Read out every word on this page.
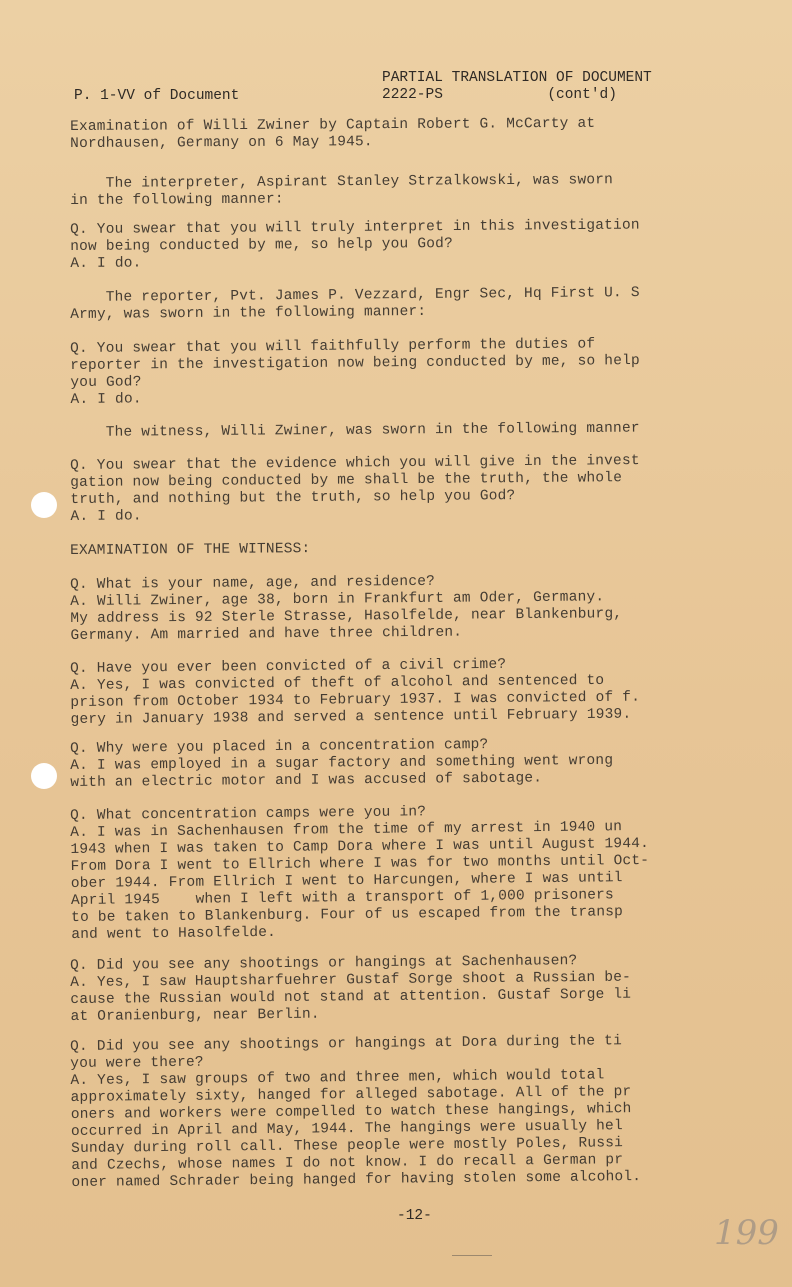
P. 1-VV of Document
PARTIAL TRANSLATION OF DOCUMENT
2222-PS            (cont'd)
Examination of Willi Zwiner by Captain Robert G. McCarty at
Nordhausen, Germany on 6 May 1945.
The interpreter, Aspirant Stanley Strzalkowski, was sworn
in the following manner:
Q. You swear that you will truly interpret in this investigation
now being conducted by me, so help you God?
A. I do.
The reporter, Pvt. James P. Vezzard, Engr Sec, Hq First U. S
Army, was sworn in the following manner:
Q. You swear that you will faithfully perform the duties of
reporter in the investigation now being conducted by me, so help
you God?
A. I do.
The witness, Willi Zwiner, was sworn in the following manner
Q. You swear that the evidence which you will give in the invest
gation now being conducted by me shall be the truth, the whole
truth, and nothing but the truth, so help you God?
A. I do.
EXAMINATION OF THE WITNESS:
Q. What is your name, age, and residence?
A. Willi Zwiner, age 38, born in Frankfurt am Oder, Germany.
My address is 92 Sterle Strasse, Hasolfelde, near Blankenburg,
Germany. Am married and have three children.
Q. Have you ever been convicted of a civil crime?
A. Yes, I was convicted of theft of alcohol and sentenced to
prison from October 1934 to February 1937. I was convicted of f.
gery in January 1938 and served a sentence until February 1939.
Q. Why were you placed in a concentration camp?
A. I was employed in a sugar factory and something went wrong
with an electric motor and I was accused of sabotage.
Q. What concentration camps were you in?
A. I was in Sachenhausen from the time of my arrest in 1940 un
1943 when I was taken to Camp Dora where I was until August 1944.
From Dora I went to Ellrich where I was for two months until Oct-
ober 1944. From Ellrich I went to Harcungen, where I was until
April 1945    when I left with a transport of 1,000 prisoners
to be taken to Blankenburg. Four of us escaped from the transp
and went to Hasolfelde.
Q. Did you see any shootings or hangings at Sachenhausen?
A. Yes, I saw Hauptsharfuehrer Gustaf Sorge shoot a Russian be-
cause the Russian would not stand at attention. Gustaf Sorge li
at Oranienburg, near Berlin.
Q. Did you see any shootings or hangings at Dora during the ti
you were there?
A. Yes, I saw groups of two and three men, which would total
approximately sixty, hanged for alleged sabotage. All of the pr
oners and workers were compelled to watch these hangings, which
occurred in April and May, 1944. The hangings were usually hel
Sunday during roll call. These people were mostly Poles, Russi
and Czechs, whose names I do not know. I do recall a German pr
oner named Schrader being hanged for having stolen some alcohol.
-12-	199
